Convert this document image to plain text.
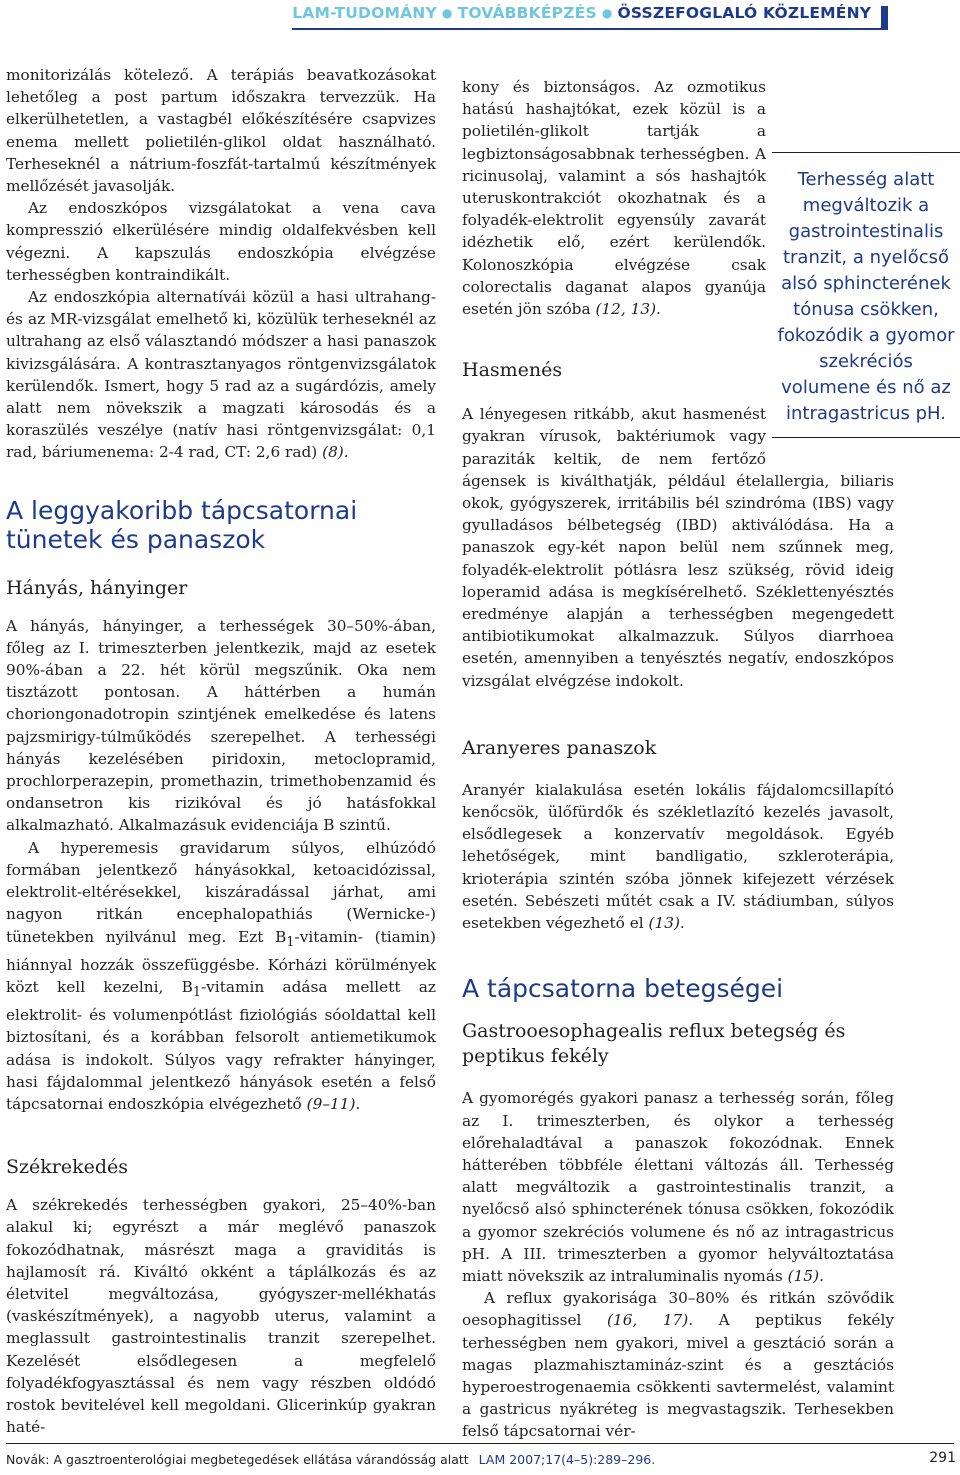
LAM-TUDOMÁNY ● TOVÁBBKÉPZÉS ● ÖSSZEFOGLALÓ KÖZLEMÉNY

monitorizálás kötelező. A terápiás beavatkozásokat lehetőleg a post partum időszakra tervezzük. Ha elkerülhetetlen, a vastagbél előkészítésére csapvizes enema mellett polietilén-glikol oldat használható. Terheseknél a nátrium-foszfát-tartalmú készítmények mellőzését javasolják.

Az endoszkópos vizsgálatokat a vena cava kompresszió elkerülésére mindig oldalfekvésben kell végezni. A kapszulás endoszkópia elvégzése terhességben kontraindikált.

Az endoszkópia alternatívái közül a hasi ultrahang- és az MR-vizsgálat emelhető ki, közülük terheseknél az ultrahang az első választandó módszer a hasi panaszok kivizsgálására. A kontrasztanyagos röntgenvizsgálatok kerülendők. Ismert, hogy 5 rad az a sugárdózis, amely alatt nem növekszik a magzati károsodás és a koraszülés veszélye (natív hasi röntgenvizsgálat: 0,1 rad, báriumenema: 2-4 rad, CT: 2,6 rad) (8).

A leggyakoribb tápcsatornai tünetek és panaszok
Hányás, hányinger

A hányás, hányinger, a terhességek 30–50%-ában, főleg az I. trimeszterben jelentkezik, majd az esetek 90%-ában a 22. hét körül megszűnik. Oka nem tisztázott pontosan. A háttérben a humán choriongonadotropin szintjének emelkedése és latens pajzsmirigy-túlműködés szerepelhet. A terhességi hányás kezelésében piridoxin, metoclopramid, prochlorperazepin, promethazin, trimethobenzamid és ondansetron kis rizikóval és jó hatásfokkal alkalmazható. Alkalmazásuk evidenciája B szintű.

A hyperemesis gravidarum súlyos, elhúzódó formában jelentkező hányásokkal, ketoacidózissal, elektrolit-eltérésekkel, kiszáradással járhat, ami nagyon ritkán encephalopathiás (Wernicke-) tünetekben nyilvánul meg. Ezt $B_1-vitamin-$ (tiamin) hiánnyal hozzák összefüggésbe. Kórházi körülmények közt kell kezelni, $B_1$-vitamin adása mellett az elektrolit- és volumenpótlást fiziológiás sóoldattal kell biztosítani, és a korábban felsorolt antiemetikumok adása is indokolt. Súlyos vagy refrakter hányinger, hasi fájdalommal jelentkező hányások esetén a felső tápcsatornai endoszkópia elvégezhető (9–11).

Székrekedés

A székrekedés terhességben gyakori, 25–40%-ban alakul ki; egyrészt a már meglévő panaszok fokozódhatnak, másrészt maga a graviditás is hajlamosít rá. Kiváltó okként a táplálkozás és az életvitel megváltozása, gyógyszer-mellékhatás (vaskészítmények), a nagyobb uterus, valamint a meglassult gastrointestinalis tranzit szerepelhet. Kezelését elsődlegesen a megfelelő folyadékfogyasztással és nem vagy részben oldódó rostok bevitelével kell megoldani. Glicerinkúp gyakran haté-

kony és biztonságos. Az ozmotikus hatású hashajtókat, ezek közül is a polietilén-glikolt tartják a legbiztonságosabbnak terhességben. A ricinusolaj, valamint a sós hashajtók uteruskontrakciót okozhatnak és a folyadék-elektrolit egyensúly zavarát idézhetik elő, ezért kerülendők. Kolonoszkópia elvégzése csak colorectalis daganat alapos gyanúja esetén jön szóba (12, 13).

Hasmenés

A lényegesen ritkább, akut hasmenést gyakran vírusok, baktériumok vagy paraziták keltik, de nem fertőző ágensek is kiválthatják, például ételallergia, biliaris okok, gyógyszerek, irritábilis bél szindróma (IBS) vagy gyulladásos bélbetegség (IBD) aktiválódása. Ha a panaszok egy-két napon belül nem szűnnek meg, folyadék-elektrolit pótlásra lesz szükség, rövid ideig loperamid adása is megkísérelhető. Széklettenyésztés eredménye alapján a terhességben megengedett antibiotikumokat alkalmazzuk. Súlyos diarrhoea esetén, amennyiben a tenyésztés negatív, endoszkópos vizsgálat elvégzése indokolt.

Aranyeres panaszok

Aranyér kialakulása esetén lokális fájdalomcsillapító kenőcsök, ülőfürdők és székletlazító kezelés javasolt, elsődlegesek a konzervatív megoldások. Egyéb lehetőségek, mint bandligatio, szkleroterápia, krioterápia szintén szóba jönnek kifejezett vérzések esetén. Sebészeti műtét csak a IV. stádiumban, súlyos esetekben végezhető el (13).

A tápcsatorna betegségei
Gastrooesophagealis reflux betegség és peptikus fekély

A gyomorégés gyakori panasz a terhesség során, főleg az I. trimeszterben, és olykor a terhesség előrehaladtával a panaszok fokozódnak. Ennek hátterében többféle élettani változás áll. Terhesség alatt megváltozik a gastrointestinalis tranzit, a nyelőcső alsó sphincterének tónusa csökken, fokozódik a gyomor szekréciós volumene és nő az intragastricus pH. A III. trimeszterben a gyomor helyváltoztatása miatt növekszik az intraluminalis nyomás (15).

A reflux gyakorisága 30–80% és ritkán szövődik oesophagitissel (16, 17). A peptikus fekély terhességben nem gyakori, mivel a gesztáció során a magas plazmahisztamináz-szint és a gesztációs hyperoestrogenaemia csökkenti savtermelést, valamint a gastricus nyákréteg is megvastagszik. Terhesekben felső tápcsatornai vér-

Terhesség alatt megváltozik a gastrointestinalis tranzit, a nyelőcső alsó sphincterének tónusa csökken, fokozódik a gyomor szekréciós volumene és nő az intragastricus pH.
Novák: A gasztroenterológiai megbetegedések ellátása várandósság alatt LAM 2007;17(4–5):289–296.	291
